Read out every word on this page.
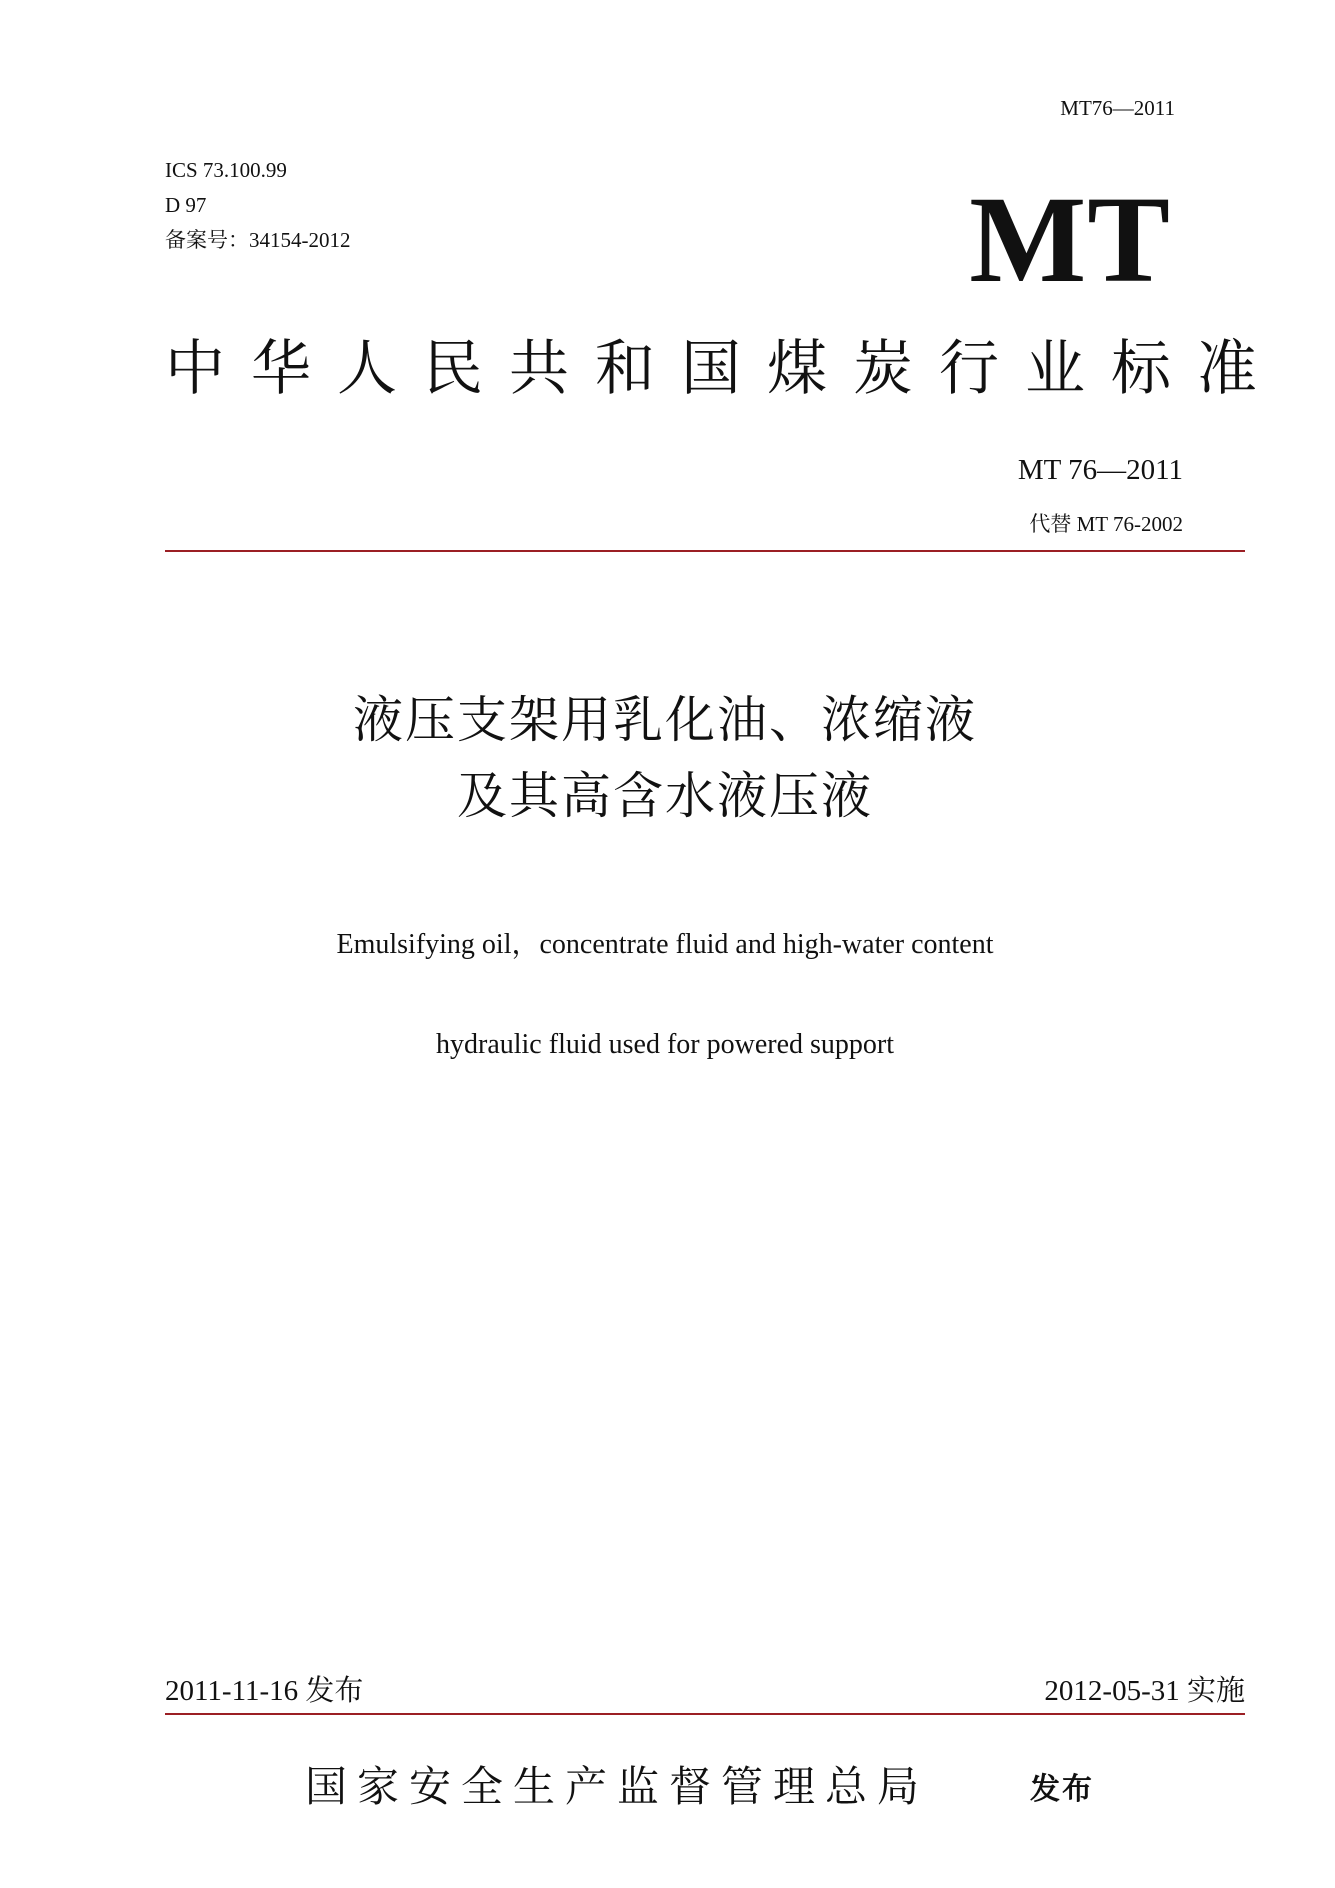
MT76—2011
ICS 73.100.99
D 97
备案号：34154-2012	MT
中华人民共和国煤炭行业标准
MT 76—2011
代替 MT 76-2002
液压支架用乳化油、浓缩液
及其高含水液压液
Emulsifying oil，concentrate fluid and high-water content
hydraulic fluid used for powered support
2011-11-16 发布	2012-05-31 实施
国家安全生产监督管理总局	发布
